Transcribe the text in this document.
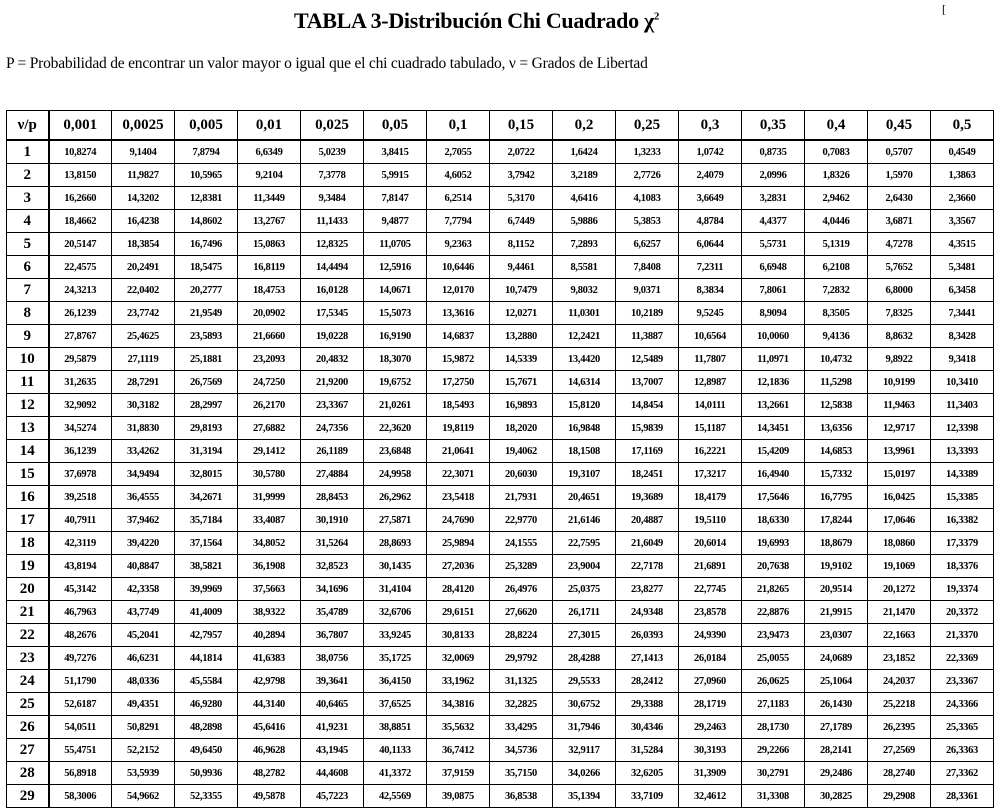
[
TABLA 3-Distribución Chi Cuadrado $\chi^2$
P = Probabilidad de encontrar un valor mayor o igual que el chi cuadrado tabulado, ν = Grados de Libertad
ν/p	0,001	0,0025	0,005	0,01	0,025	0,05	0,1	0,15	0,2	0,25	0,3	0,35	0,4	0,45	0,5
1	10,8274	9,1404	7,8794	6,6349	5,0239	3,8415	2,7055	2,0722	1,6424	1,3233	1,0742	0,8735	0,7083	0,5707	0,4549
2	13,8150	11,9827	10,5965	9,2104	7,3778	5,9915	4,6052	3,7942	3,2189	2,7726	2,4079	2,0996	1,8326	1,5970	1,3863
3	16,2660	14,3202	12,8381	11,3449	9,3484	7,8147	6,2514	5,3170	4,6416	4,1083	3,6649	3,2831	2,9462	2,6430	2,3660
4	18,4662	16,4238	14,8602	13,2767	11,1433	9,4877	7,7794	6,7449	5,9886	5,3853	4,8784	4,4377	4,0446	3,6871	3,3567
5	20,5147	18,3854	16,7496	15,0863	12,8325	11,0705	9,2363	8,1152	7,2893	6,6257	6,0644	5,5731	5,1319	4,7278	4,3515
6	22,4575	20,2491	18,5475	16,8119	14,4494	12,5916	10,6446	9,4461	8,5581	7,8408	7,2311	6,6948	6,2108	5,7652	5,3481
7	24,3213	22,0402	20,2777	18,4753	16,0128	14,0671	12,0170	10,7479	9,8032	9,0371	8,3834	7,8061	7,2832	6,8000	6,3458
8	26,1239	23,7742	21,9549	20,0902	17,5345	15,5073	13,3616	12,0271	11,0301	10,2189	9,5245	8,9094	8,3505	7,8325	7,3441
9	27,8767	25,4625	23,5893	21,6660	19,0228	16,9190	14,6837	13,2880	12,2421	11,3887	10,6564	10,0060	9,4136	8,8632	8,3428
10	29,5879	27,1119	25,1881	23,2093	20,4832	18,3070	15,9872	14,5339	13,4420	12,5489	11,7807	11,0971	10,4732	9,8922	9,3418
11	31,2635	28,7291	26,7569	24,7250	21,9200	19,6752	17,2750	15,7671	14,6314	13,7007	12,8987	12,1836	11,5298	10,9199	10,3410
12	32,9092	30,3182	28,2997	26,2170	23,3367	21,0261	18,5493	16,9893	15,8120	14,8454	14,0111	13,2661	12,5838	11,9463	11,3403
13	34,5274	31,8830	29,8193	27,6882	24,7356	22,3620	19,8119	18,2020	16,9848	15,9839	15,1187	14,3451	13,6356	12,9717	12,3398
14	36,1239	33,4262	31,3194	29,1412	26,1189	23,6848	21,0641	19,4062	18,1508	17,1169	16,2221	15,4209	14,6853	13,9961	13,3393
15	37,6978	34,9494	32,8015	30,5780	27,4884	24,9958	22,3071	20,6030	19,3107	18,2451	17,3217	16,4940	15,7332	15,0197	14,3389
16	39,2518	36,4555	34,2671	31,9999	28,8453	26,2962	23,5418	21,7931	20,4651	19,3689	18,4179	17,5646	16,7795	16,0425	15,3385
17	40,7911	37,9462	35,7184	33,4087	30,1910	27,5871	24,7690	22,9770	21,6146	20,4887	19,5110	18,6330	17,8244	17,0646	16,3382
18	42,3119	39,4220	37,1564	34,8052	31,5264	28,8693	25,9894	24,1555	22,7595	21,6049	20,6014	19,6993	18,8679	18,0860	17,3379
19	43,8194	40,8847	38,5821	36,1908	32,8523	30,1435	27,2036	25,3289	23,9004	22,7178	21,6891	20,7638	19,9102	19,1069	18,3376
20	45,3142	42,3358	39,9969	37,5663	34,1696	31,4104	28,4120	26,4976	25,0375	23,8277	22,7745	21,8265	20,9514	20,1272	19,3374
21	46,7963	43,7749	41,4009	38,9322	35,4789	32,6706	29,6151	27,6620	26,1711	24,9348	23,8578	22,8876	21,9915	21,1470	20,3372
22	48,2676	45,2041	42,7957	40,2894	36,7807	33,9245	30,8133	28,8224	27,3015	26,0393	24,9390	23,9473	23,0307	22,1663	21,3370
23	49,7276	46,6231	44,1814	41,6383	38,0756	35,1725	32,0069	29,9792	28,4288	27,1413	26,0184	25,0055	24,0689	23,1852	22,3369
24	51,1790	48,0336	45,5584	42,9798	39,3641	36,4150	33,1962	31,1325	29,5533	28,2412	27,0960	26,0625	25,1064	24,2037	23,3367
25	52,6187	49,4351	46,9280	44,3140	40,6465	37,6525	34,3816	32,2825	30,6752	29,3388	28,1719	27,1183	26,1430	25,2218	24,3366
26	54,0511	50,8291	48,2898	45,6416	41,9231	38,8851	35,5632	33,4295	31,7946	30,4346	29,2463	28,1730	27,1789	26,2395	25,3365
27	55,4751	52,2152	49,6450	46,9628	43,1945	40,1133	36,7412	34,5736	32,9117	31,5284	30,3193	29,2266	28,2141	27,2569	26,3363
28	56,8918	53,5939	50,9936	48,2782	44,4608	41,3372	37,9159	35,7150	34,0266	32,6205	31,3909	30,2791	29,2486	28,2740	27,3362
29	58,3006	54,9662	52,3355	49,5878	45,7223	42,5569	39,0875	36,8538	35,1394	33,7109	32,4612	31,3308	30,2825	29,2908	28,3361
